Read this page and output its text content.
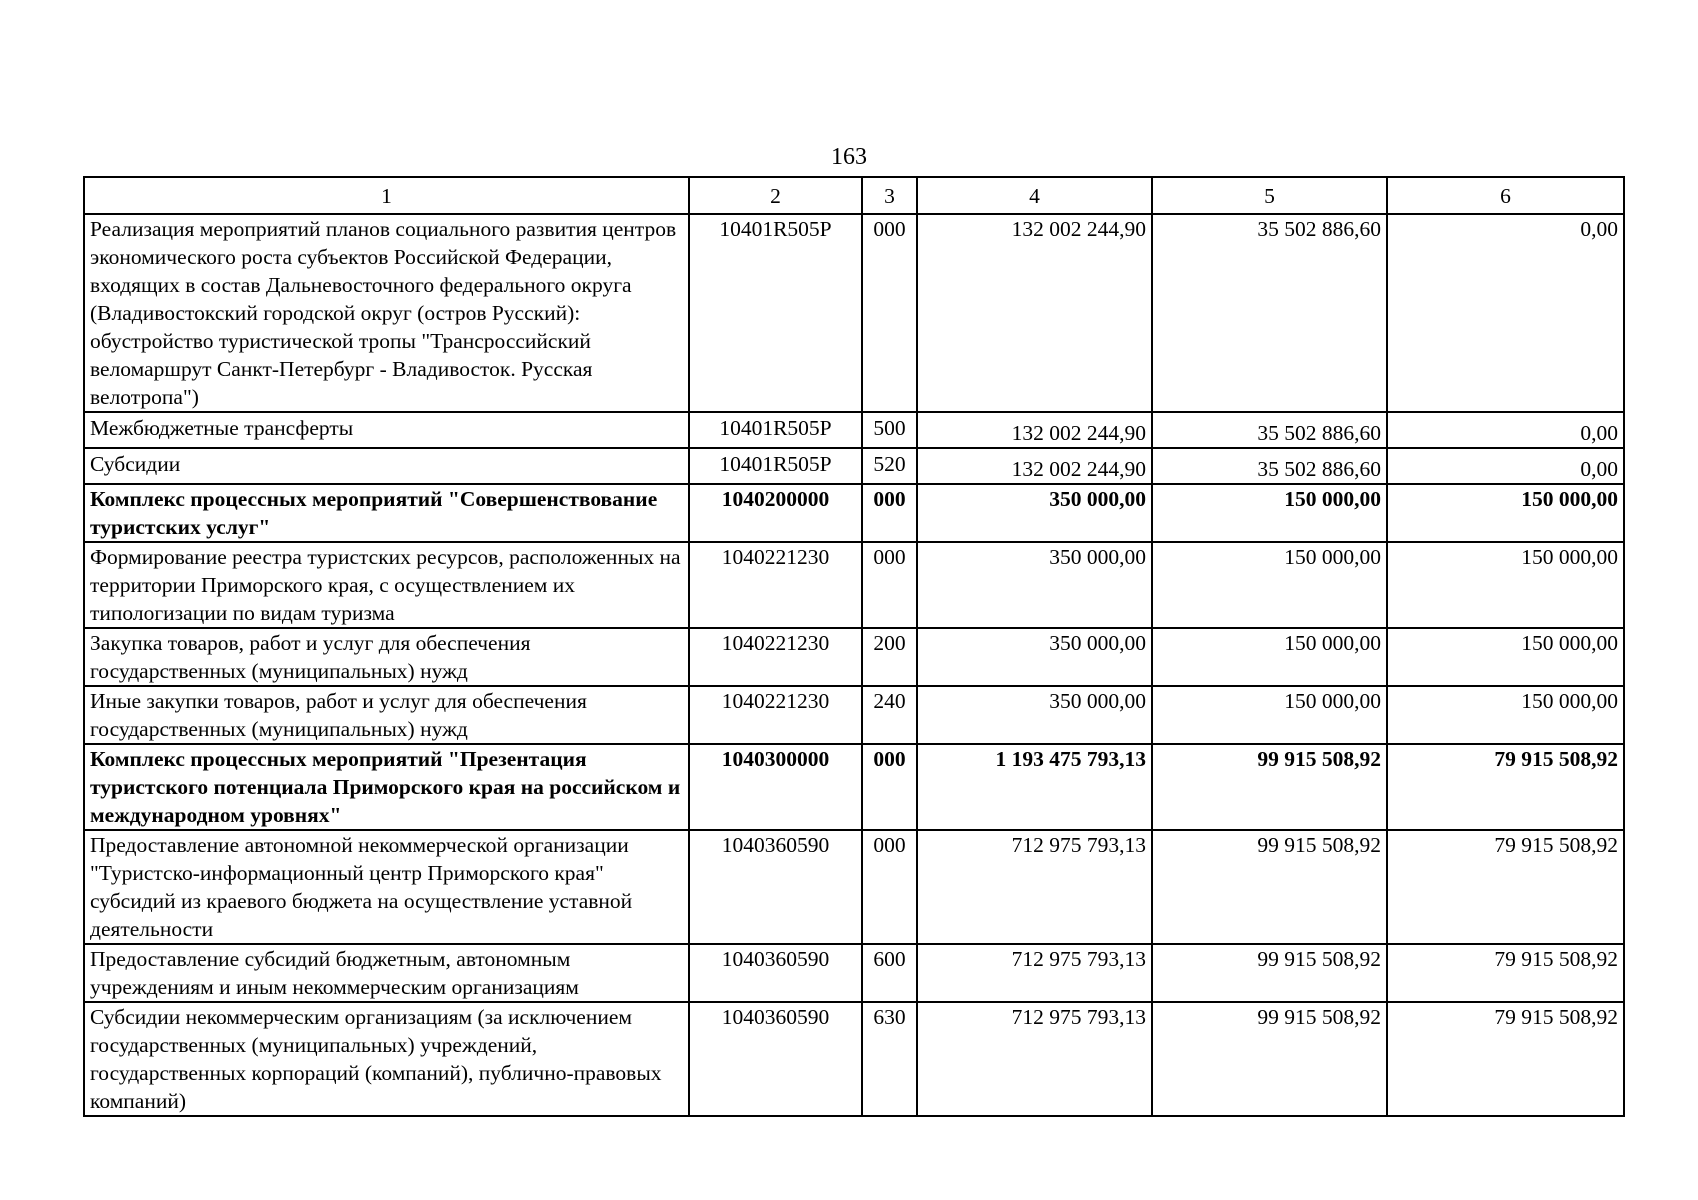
163
1	2	3	4	5	6
Реализация мероприятий планов социального развития центров экономического роста субъектов Российской Федерации, входящих в состав Дальневосточного федерального округа (Владивостокский городской округ (остров Русский): обустройство туристической тропы "Трансроссийский веломаршрут Санкт-Петербург - Владивосток. Русская велотропа")	10401R505P	000	132 002 244,90	35 502 886,60	0,00
Межбюджетные трансферты	10401R505P	500	132 002 244,90	35 502 886,60	0,00
Субсидии	10401R505P	520	132 002 244,90	35 502 886,60	0,00
Комплекс процессных мероприятий "Совершенствование туристских услуг"	1040200000	000	350 000,00	150 000,00	150 000,00
Формирование реестра туристских ресурсов, расположенных на территории Приморского края, с осуществлением их типологизации по видам туризма	1040221230	000	350 000,00	150 000,00	150 000,00
Закупка товаров, работ и услуг для обеспечения государственных (муниципальных) нужд	1040221230	200	350 000,00	150 000,00	150 000,00
Иные закупки товаров, работ и услуг для обеспечения государственных (муниципальных) нужд	1040221230	240	350 000,00	150 000,00	150 000,00
Комплекс процессных мероприятий "Презентация туристского потенциала Приморского края на российском и международном уровнях"	1040300000	000	1 193 475 793,13	99 915 508,92	79 915 508,92
Предоставление автономной некоммерческой организации "Туристско-информационный центр Приморского края" субсидий из краевого бюджета на осуществление уставной деятельности	1040360590	000	712 975 793,13	99 915 508,92	79 915 508,92
Предоставление субсидий бюджетным, автономным учреждениям и иным некоммерческим организациям	1040360590	600	712 975 793,13	99 915 508,92	79 915 508,92
Субсидии некоммерческим организациям (за исключением государственных (муниципальных) учреждений, государственных корпораций (компаний), публично-правовых компаний)	1040360590	630	712 975 793,13	99 915 508,92	79 915 508,92
